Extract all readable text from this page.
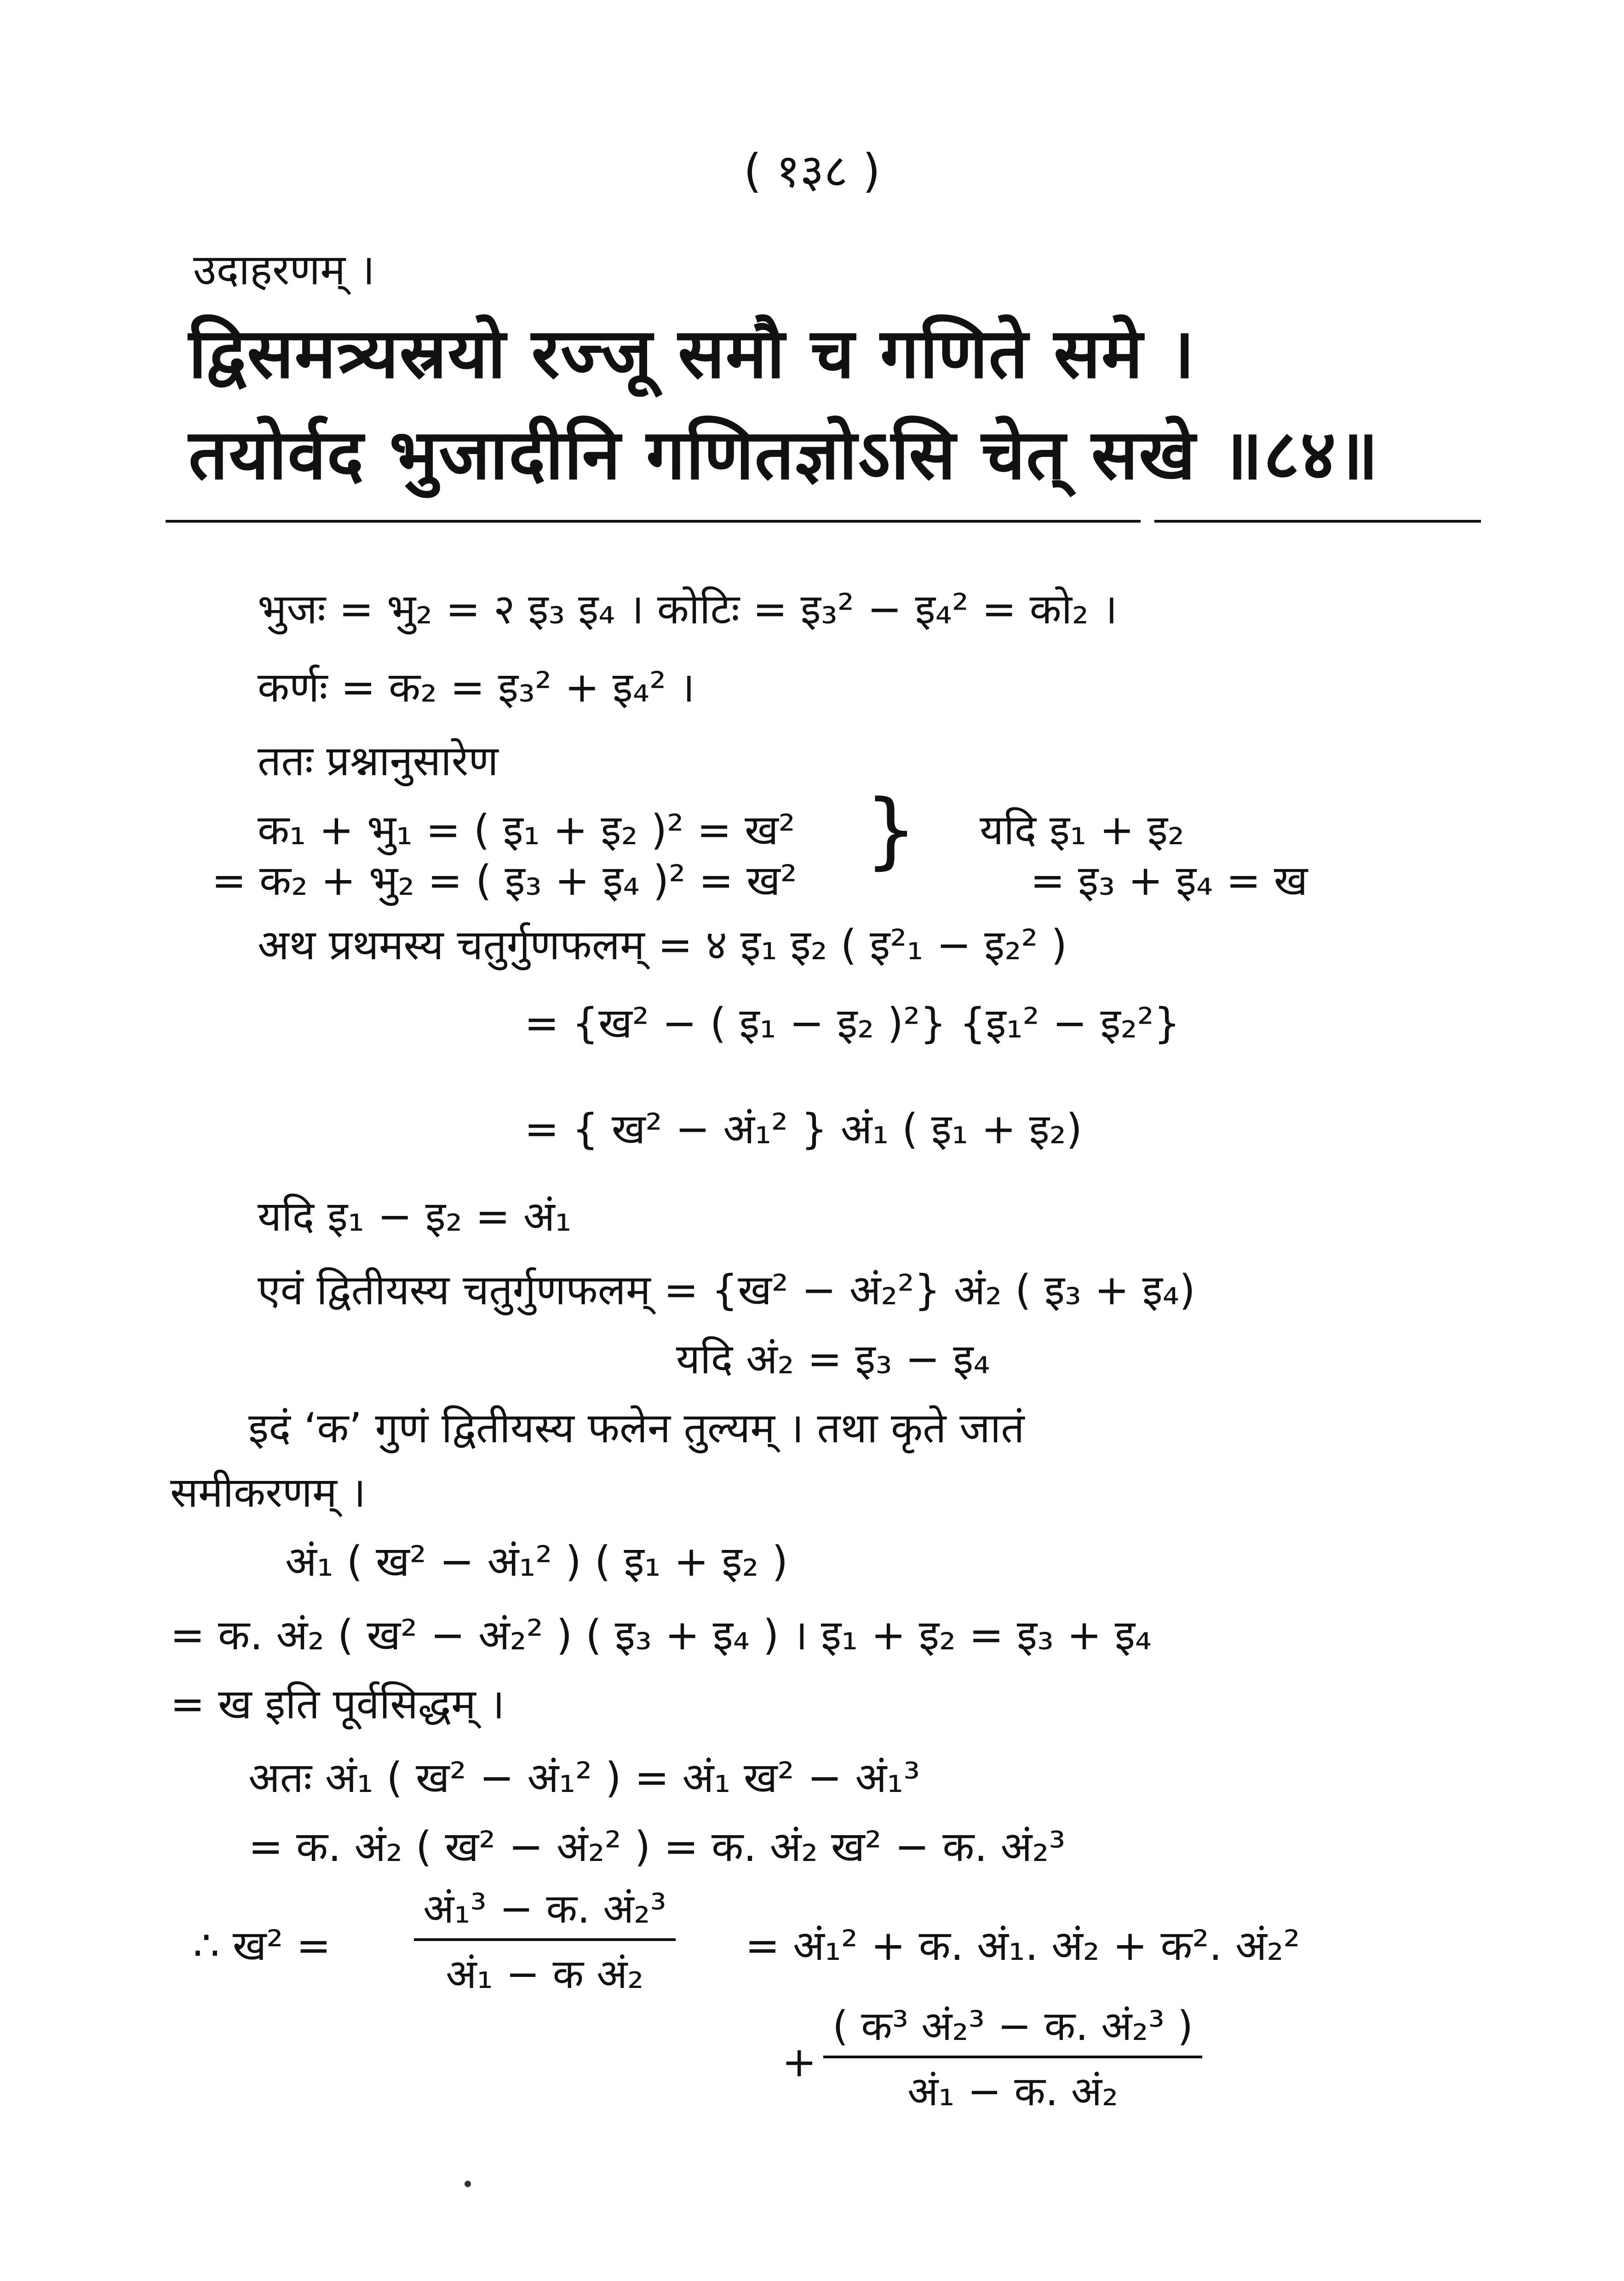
( १३८ )
उदाहरणम् ।
द्विसमत्र्यस्रयो रज्जू समौ च गणिते समे ।
तयोर्वद भुजादीनि गणितज्ञोऽसि चेत् सखे ॥८४॥
भुजः = भु₂ = २ इ₃ इ₄ । कोटिः = इ₃² − इ₄² = को₂ ।
कर्णः = क₂ = इ₃² + इ₄² ।
ततः प्रश्नानुसारेण
क₁ + भु₁ = ( इ₁ + इ₂ )² = ख²
= क₂ + भु₂ = ( इ₃ + इ₄ )² = ख²
} यदि इ₁ + इ₂
= इ₃ + इ₄ = ख
अथ प्रथमस्य चतुर्गुणफलम् = ४ इ₁ इ₂ ( इ²₁ − इ₂² )
= {ख² − ( इ₁ − इ₂ )²} {इ₁² − इ₂²}
= { ख² − अं₁² } अं₁ ( इ₁ + इ₂)
यदि इ₁ − इ₂ = अं₁
एवं द्वितीयस्य चतुर्गुणफलम् = {ख² − अं₂²} अं₂ ( इ₃ + इ₄)
यदि अं₂ = इ₃ − इ₄
इदं ‘क’ गुणं द्वितीयस्य फलेन तुल्यम् । तथा कृते जातं
समीकरणम् ।
अं₁ ( ख² − अं₁² ) ( इ₁ + इ₂ )
= क. अं₂ ( ख² − अं₂² ) ( इ₃ + इ₄ ) । इ₁ + इ₂ = इ₃ + इ₄
= ख इति पूर्वसिद्धम् ।
अतः अं₁ ( ख² − अं₁² ) = अं₁ ख² − अं₁³
= क. अं₂ ( ख² − अं₂² ) = क. अं₂ ख² − क. अं₂³
∴ ख² =
अं₁³ − क. अं₂³
अं₁ − क अं₂
= अं₁² + क. अं₁. अं₂ + क². अं₂²
+
( क³ अं₂³ − क. अं₂³ )
अं₁ − क. अं₂
